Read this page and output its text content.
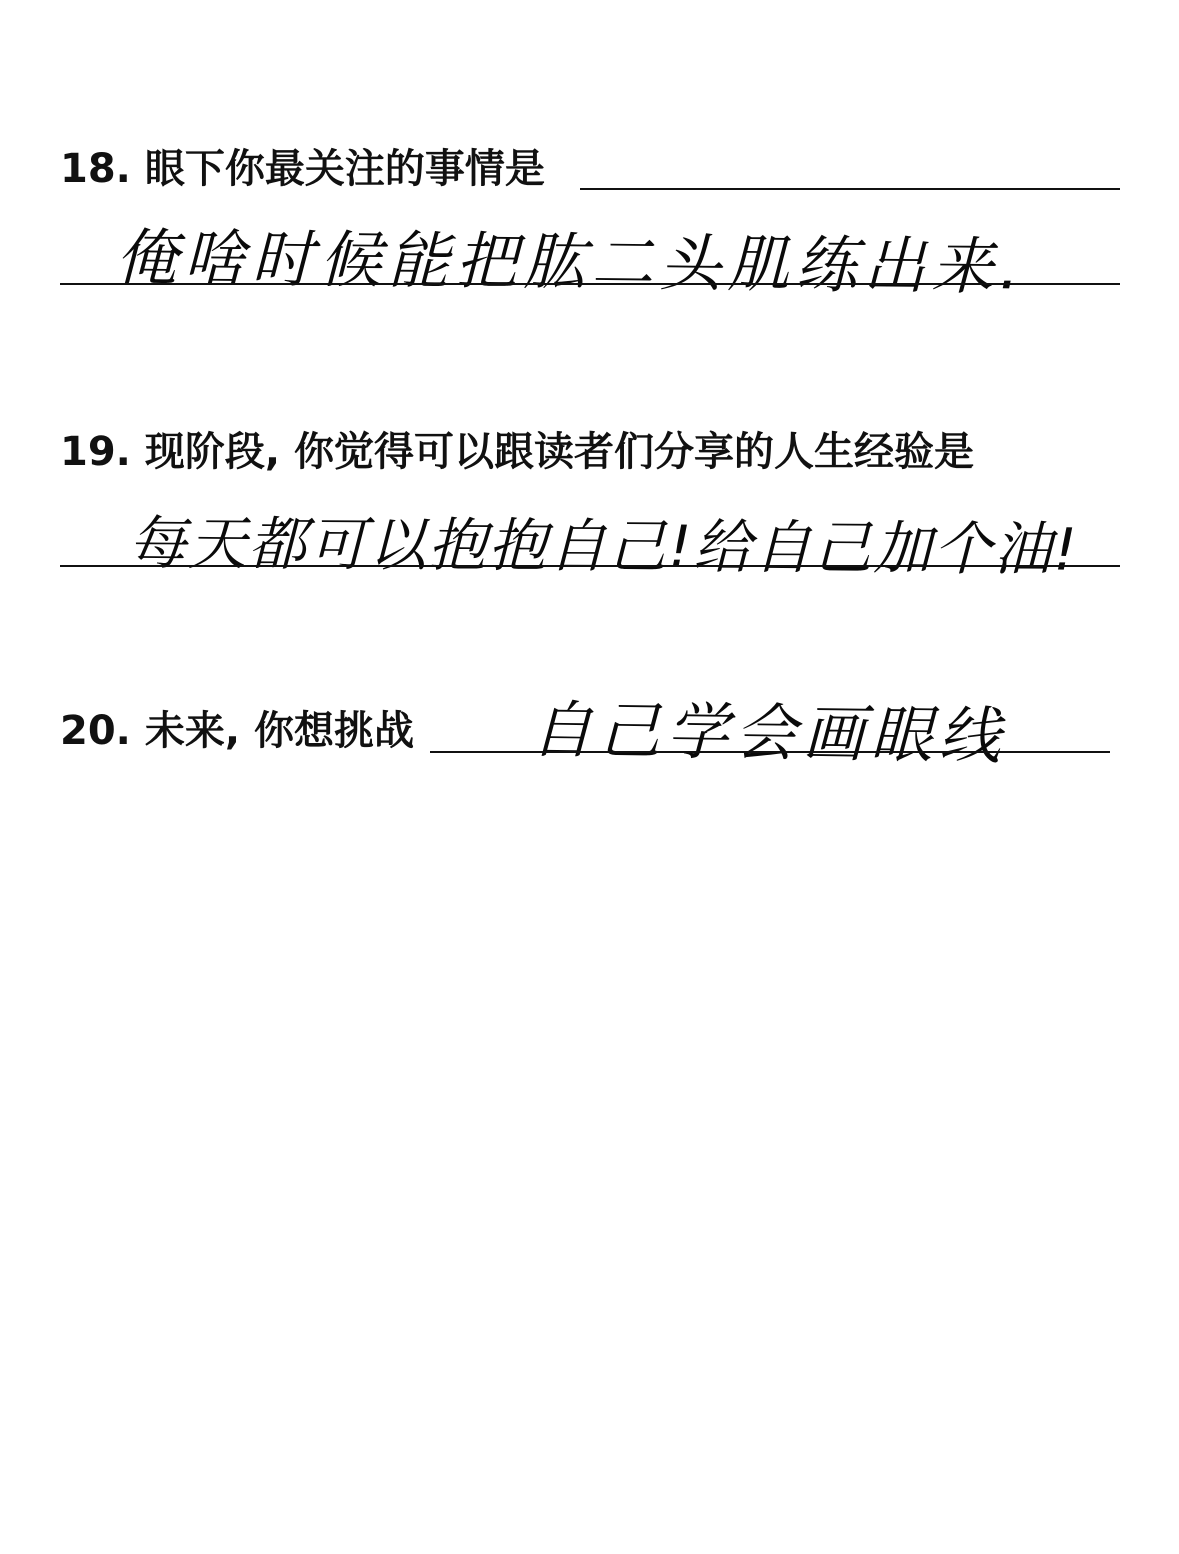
18. 眼下你最关注的事情是
俺啥时候能把肱二头肌练出来.
19. 现阶段, 你觉得可以跟读者们分享的人生经验是
每天都可以抱抱自己!给自己加个油!
20. 未来, 你想挑战 自己学会画眼线
